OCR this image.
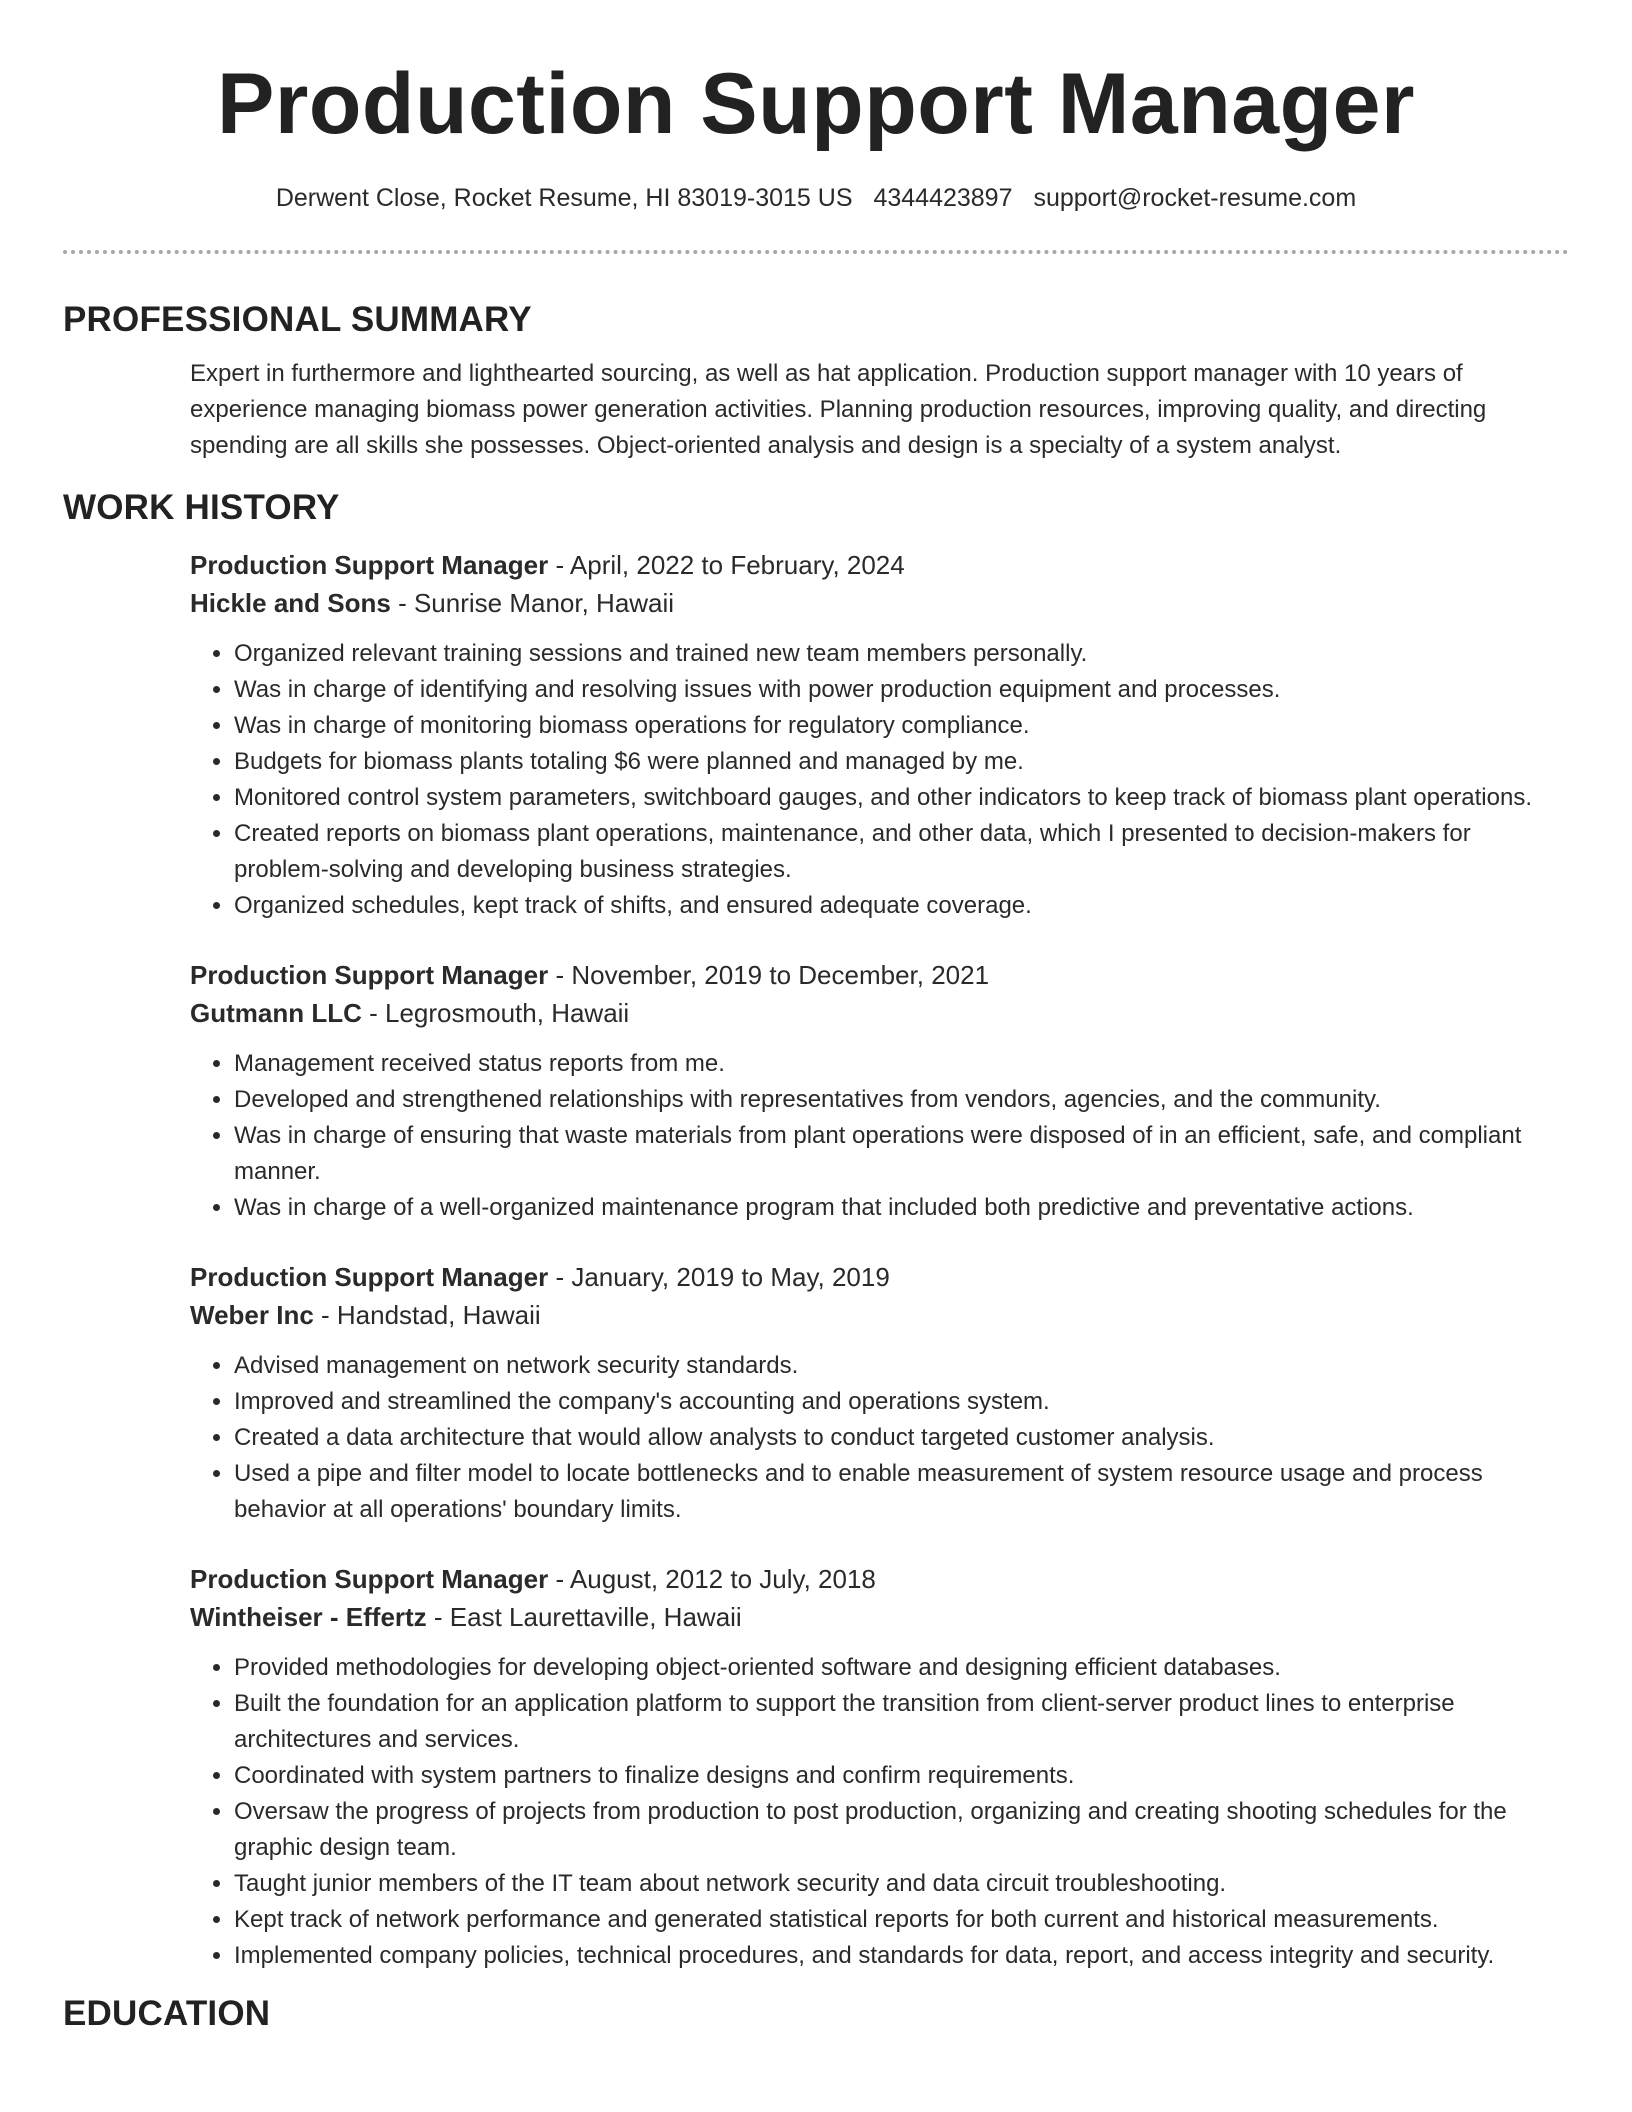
Production Support Manager
Derwent Close, Rocket Resume, HI 83019-3015 US 4344423897 support@rocket-resume.com
PROFESSIONAL SUMMARY

Expert in furthermore and lighthearted sourcing, as well as hat application. Production support manager with 10 years of experience managing biomass power generation activities. Planning production resources, improving quality, and directing spending are all skills she possesses. Object-oriented analysis and design is a specialty of a system analyst.

WORK HISTORY
Production Support Manager - April, 2022 to February, 2024
Hickle and Sons - Sunrise Manor, Hawaii
• Organized relevant training sessions and trained new team members personally.
• Was in charge of identifying and resolving issues with power production equipment and processes.
• Was in charge of monitoring biomass operations for regulatory compliance.
• Budgets for biomass plants totaling $6 were planned and managed by me.
• Monitored control system parameters, switchboard gauges, and other indicators to keep track of biomass plant operations.
• Created reports on biomass plant operations, maintenance, and other data, which I presented to decision-makers for problem-solving and developing business strategies.
• Organized schedules, kept track of shifts, and ensured adequate coverage.
Production Support Manager - November, 2019 to December, 2021
Gutmann LLC - Legrosmouth, Hawaii
• Management received status reports from me.
• Developed and strengthened relationships with representatives from vendors, agencies, and the community.
• Was in charge of ensuring that waste materials from plant operations were disposed of in an efficient, safe, and compliant manner.
• Was in charge of a well-organized maintenance program that included both predictive and preventative actions.
Production Support Manager - January, 2019 to May, 2019
Weber Inc - Handstad, Hawaii
• Advised management on network security standards.
• Improved and streamlined the company's accounting and operations system.
• Created a data architecture that would allow analysts to conduct targeted customer analysis.
• Used a pipe and filter model to locate bottlenecks and to enable measurement of system resource usage and process behavior at all operations' boundary limits.
Production Support Manager - August, 2012 to July, 2018
Wintheiser - Effertz - East Laurettaville, Hawaii
• Provided methodologies for developing object-oriented software and designing efficient databases.
• Built the foundation for an application platform to support the transition from client-server product lines to enterprise architectures and services.
• Coordinated with system partners to finalize designs and confirm requirements.
• Oversaw the progress of projects from production to post production, organizing and creating shooting schedules for the graphic design team.
• Taught junior members of the IT team about network security and data circuit troubleshooting.
• Kept track of network performance and generated statistical reports for both current and historical measurements.
• Implemented company policies, technical procedures, and standards for data, report, and access integrity and security.
EDUCATION
